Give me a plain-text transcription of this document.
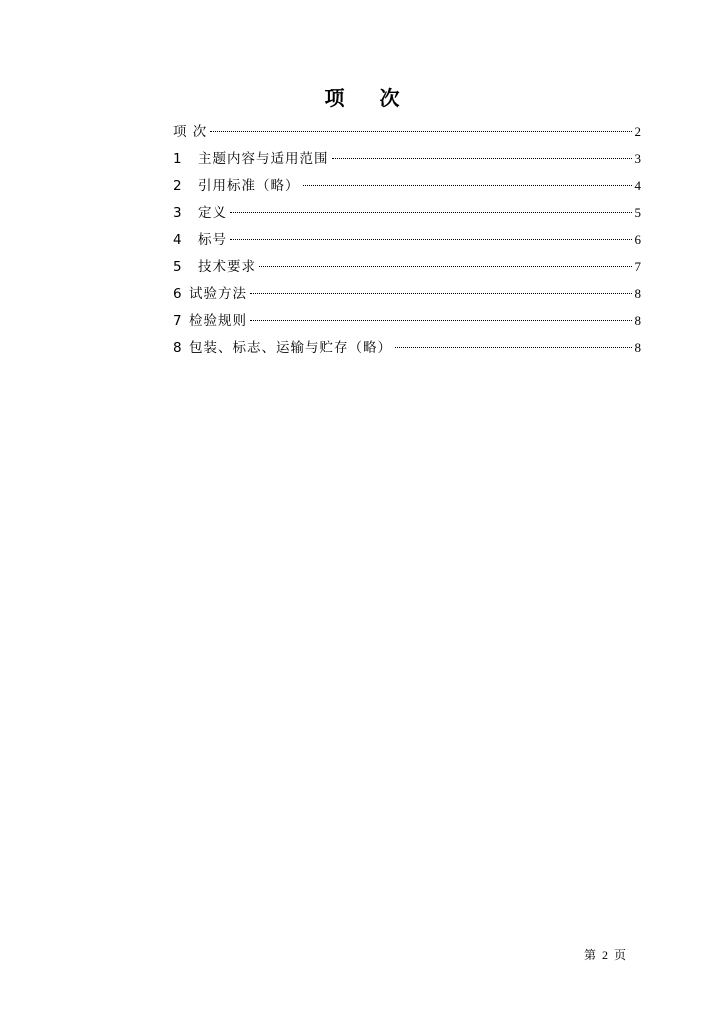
项 次
项 次	2
1	主题内容与适用范围	3
2	引用标准（略）	4
3	定义	5
4	标号	6
5	技术要求	7
6 试验方法	8
7 检验规则	8
8 包装、标志、运输与贮存（略）	8
第 2 页
